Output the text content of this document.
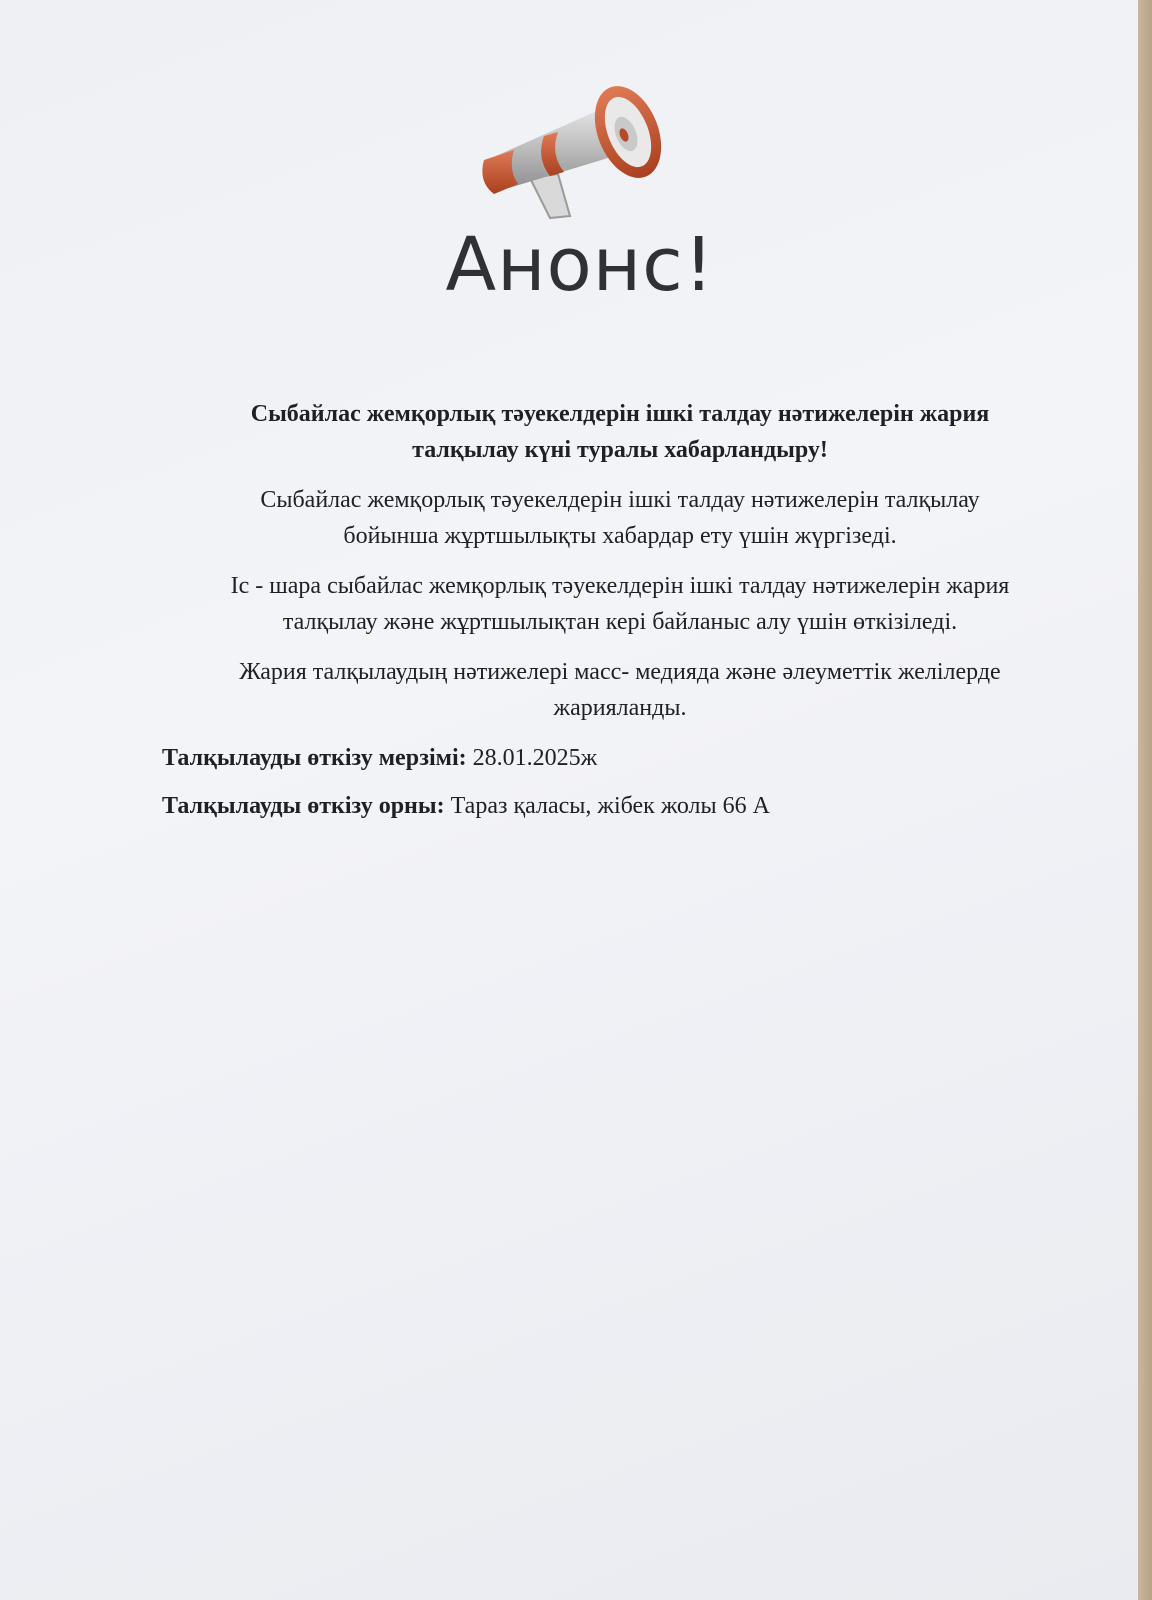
Анонс!
Сыбайлас жемқорлық тәуекелдерін ішкі талдау нәтижелерін жария
талқылау күні туралы хабарландыру!
Сыбайлас жемқорлық тәуекелдерін ішкі талдау нәтижелерін талқылау
бойынша жұртшылықты хабардар ету үшін жүргізеді.
Іс - шара сыбайлас жемқорлық тәуекелдерін ішкі талдау нәтижелерін жария
талқылау және жұртшылықтан кері байланыс алу үшін өткізіледі.
Жария талқылаудың нәтижелері масс- медияда және әлеуметтік желілерде
жарияланды.
Талқылауды өткізу мерзімі: 28.01.2025ж
Талқылауды өткізу орны: Тараз қаласы, жібек жолы 66 А
